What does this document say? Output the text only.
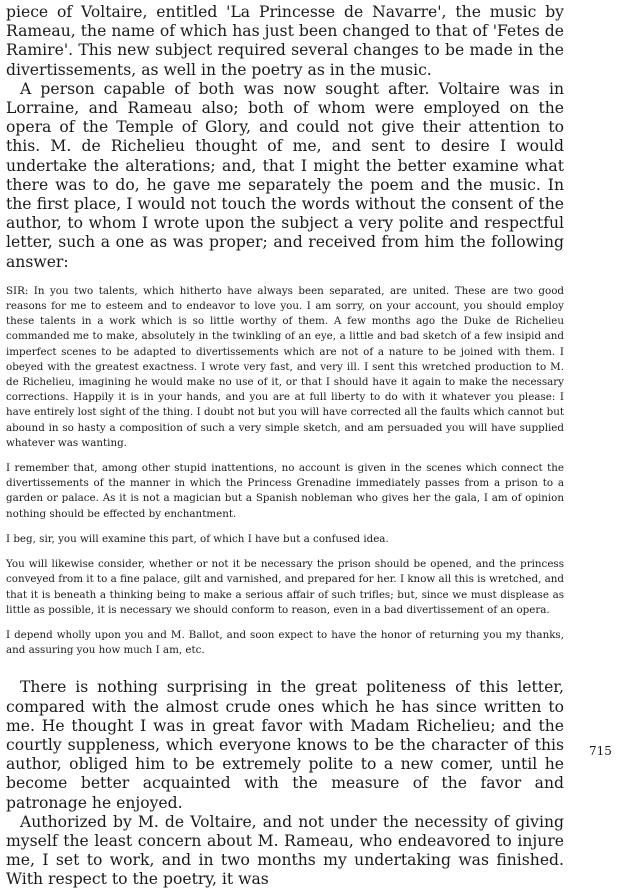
piece of Voltaire, entitled 'La Princesse de Navarre', the music by Rameau, the name of which has just been changed to that of 'Fetes de Ramire'. This new subject required several changes to be made in the divertissements, as well in the poetry as in the music.

A person capable of both was now sought after. Voltaire was in Lorraine, and Rameau also; both of whom were employed on the opera of the Temple of Glory, and could not give their attention to this. M. de Richelieu thought of me, and sent to desire I would undertake the alterations; and, that I might the better examine what there was to do, he gave me separately the poem and the music. In the first place, I would not touch the words without the consent of the author, to whom I wrote upon the subject a very polite and respectful letter, such a one as was proper; and received from him the following answer:

SIR: In you two talents, which hitherto have always been separated, are united. These are two good reasons for me to esteem and to endeavor to love you. I am sorry, on your account, you should employ these talents in a work which is so little worthy of them. A few months ago the Duke de Richelieu commanded me to make, absolutely in the twinkling of an eye, a little and bad sketch of a few insipid and imperfect scenes to be adapted to divertissements which are not of a nature to be joined with them. I obeyed with the greatest exactness. I wrote very fast, and very ill. I sent this wretched production to M. de Richelieu, imagining he would make no use of it, or that I should have it again to make the necessary corrections. Happily it is in your hands, and you are at full liberty to do with it whatever you please: I have entirely lost sight of the thing. I doubt not but you will have corrected all the faults which cannot but abound in so hasty a composition of such a very simple sketch, and am persuaded you will have supplied whatever was wanting.

I remember that, among other stupid inattentions, no account is given in the scenes which connect the divertissements of the manner in which the Princess Grenadine immediately passes from a prison to a garden or palace. As it is not a magician but a Spanish nobleman who gives her the gala, I am of opinion nothing should be effected by enchantment.

I beg, sir, you will examine this part, of which I have but a confused idea.

You will likewise consider, whether or not it be necessary the prison should be opened, and the princess conveyed from it to a fine palace, gilt and varnished, and prepared for her. I know all this is wretched, and that it is beneath a thinking being to make a serious affair of such trifles; but, since we must displease as little as possible, it is necessary we should conform to reason, even in a bad divertissement of an opera.

I depend wholly upon you and M. Ballot, and soon expect to have the honor of returning you my thanks, and assuring you how much I am, etc.

There is nothing surprising in the great politeness of this letter, compared with the almost crude ones which he has since written to me. He thought I was in great favor with Madam Richelieu; and the courtly suppleness, which everyone knows to be the character of this author, obliged him to be extremely polite to a new comer, until he become better acquainted with the measure of the favor and patronage he enjoyed.

Authorized by M. de Voltaire, and not under the necessity of giving myself the least concern about M. Rameau, who endeavored to injure me, I set to work, and in two months my undertaking was finished. With respect to the poetry, it was

715
